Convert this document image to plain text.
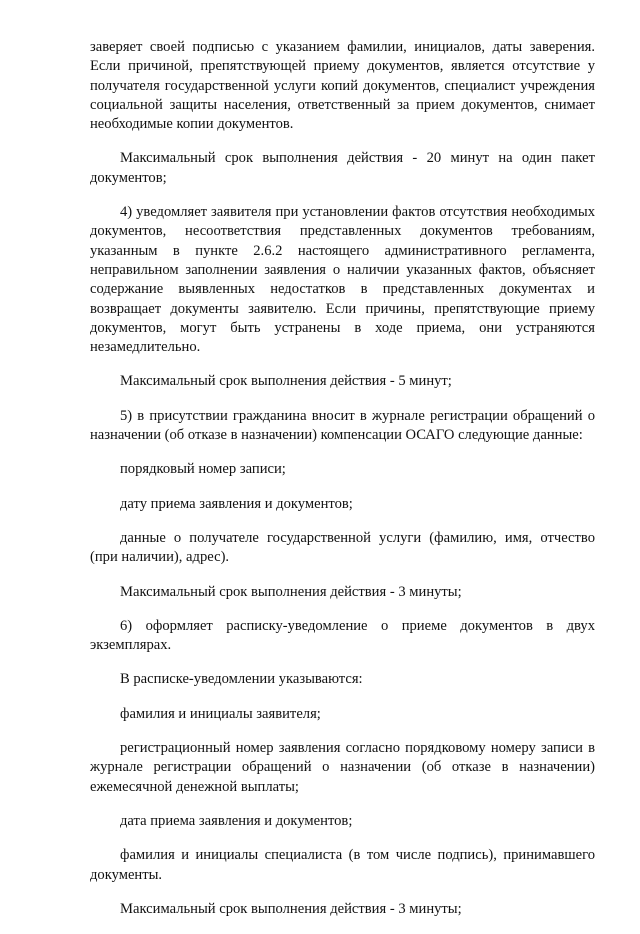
заверяет своей подписью с указанием фамилии, инициалов, даты заверения. Если причиной, препятствующей приему документов, является отсутствие у получателя государственной услуги копий документов, специалист учреждения социальной защиты населения, ответственный за прием документов, снимает необходимые копии документов.

Максимальный срок выполнения действия - 20 минут на один пакет документов;

4) уведомляет заявителя при установлении фактов отсутствия необходимых документов, несоответствия представленных документов требованиям, указанным в пункте 2.6.2 настоящего административного регламента, неправильном заполнении заявления о наличии указанных фактов, объясняет содержание выявленных недостатков в представленных документах и возвращает документы заявителю. Если причины, препятствующие приему документов, могут быть устранены в ходе приема, они устраняются незамедлительно.

Максимальный срок выполнения действия - 5 минут;

5) в присутствии гражданина вносит в журнале регистрации обращений о назначении (об отказе в назначении) компенсации ОСАГО следующие данные:

порядковый номер записи;

дату приема заявления и документов;

данные о получателе государственной услуги (фамилию, имя, отчество (при наличии), адрес).

Максимальный срок выполнения действия - 3 минуты;

6) оформляет расписку-уведомление о приеме документов в двух экземплярах.

В расписке-уведомлении указываются:

фамилия и инициалы заявителя;

регистрационный номер заявления согласно порядковому номеру записи в журнале регистрации обращений о назначении (об отказе в назначении) ежемесячной денежной выплаты;

дата приема заявления и документов;

фамилия и инициалы специалиста (в том числе подпись), принимавшего документы.

Максимальный срок выполнения действия - 3 минуты;
